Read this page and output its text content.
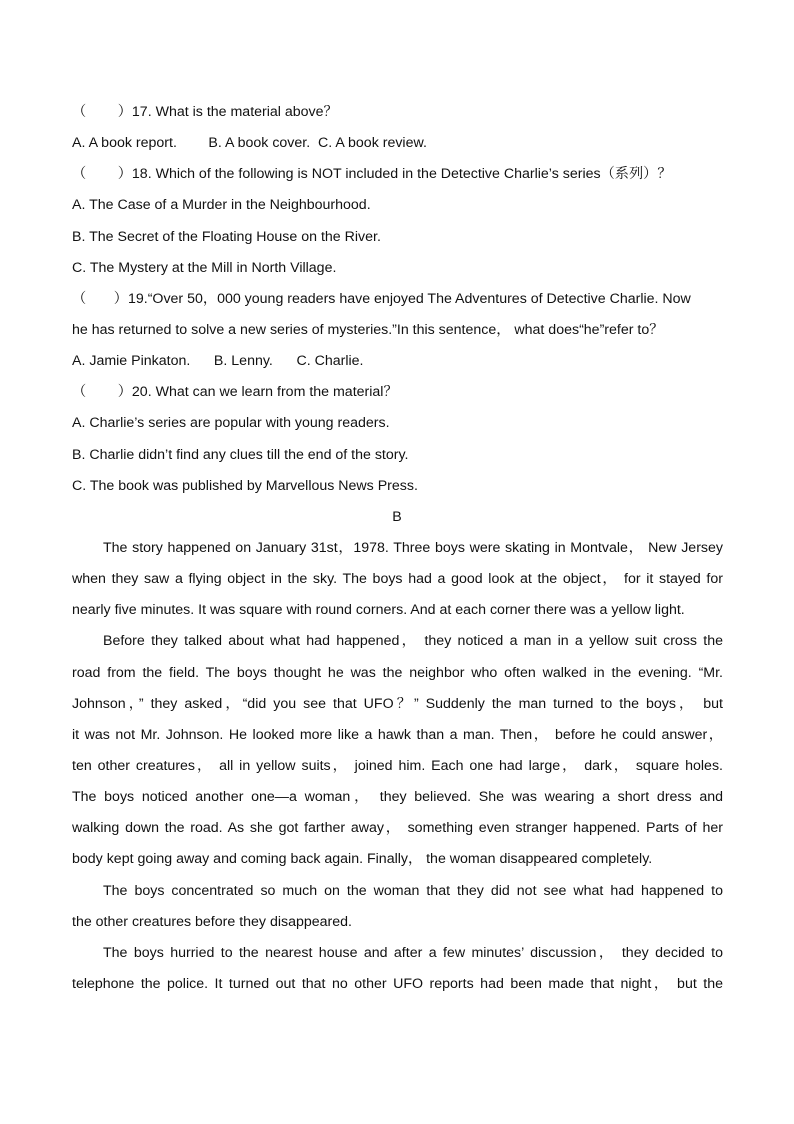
（        ）17. What is the material above？
A. A book report.        B. A book cover.  C. A book review.
（        ）18. Which of the following is NOT included in the Detective Charlie’s series（系列）？
A. The Case of a Murder in the Neighbourhood.
B. The Secret of the Floating House on the River.
C. The Mystery at the Mill in North Village.
（       ）19.“Over 50，000 young readers have enjoyed The Adventures of Detective Charlie. Now
he has returned to solve a new series of mysteries.”In this sentence， what does“he”refer to？
A. Jamie Pinkaton.      B. Lenny.      C. Charlie.
（        ）20. What can we learn from the material？
A. Charlie’s series are popular with young readers.
B. Charlie didn’t find any clues till the end of the story.
C. The book was published by Marvellous News Press.
B
The story happened on January 31st，1978. Three boys were skating in Montvale， New Jersey
when they saw a flying object in the sky. The boys had a good look at the object， for it stayed for
nearly five minutes. It was square with round corners. And at each corner there was a yellow light.
Before they talked about what had happened， they noticed a man in a yellow suit cross the
road from the field. The boys thought he was the neighbor who often walked in the evening. “Mr.
Johnson，” they asked，“did you see that UFO？” Suddenly the man turned to the boys， but
it was not Mr. Johnson. He looked more like a hawk than a man. Then， before he could answer，
ten other creatures， all in yellow suits， joined him. Each one had large， dark， square holes.
The boys noticed another one—a woman， they believed. She was wearing a short dress and
walking down the road. As she got farther away， something even stranger happened. Parts of her
body kept going away and coming back again. Finally， the woman disappeared completely.
The boys concentrated so much on the woman that they did not see what had happened to
the other creatures before they disappeared.
The boys hurried to the nearest house and after a few minutes’ discussion， they decided to
telephone the police. It turned out that no other UFO reports had been made that night， but the
